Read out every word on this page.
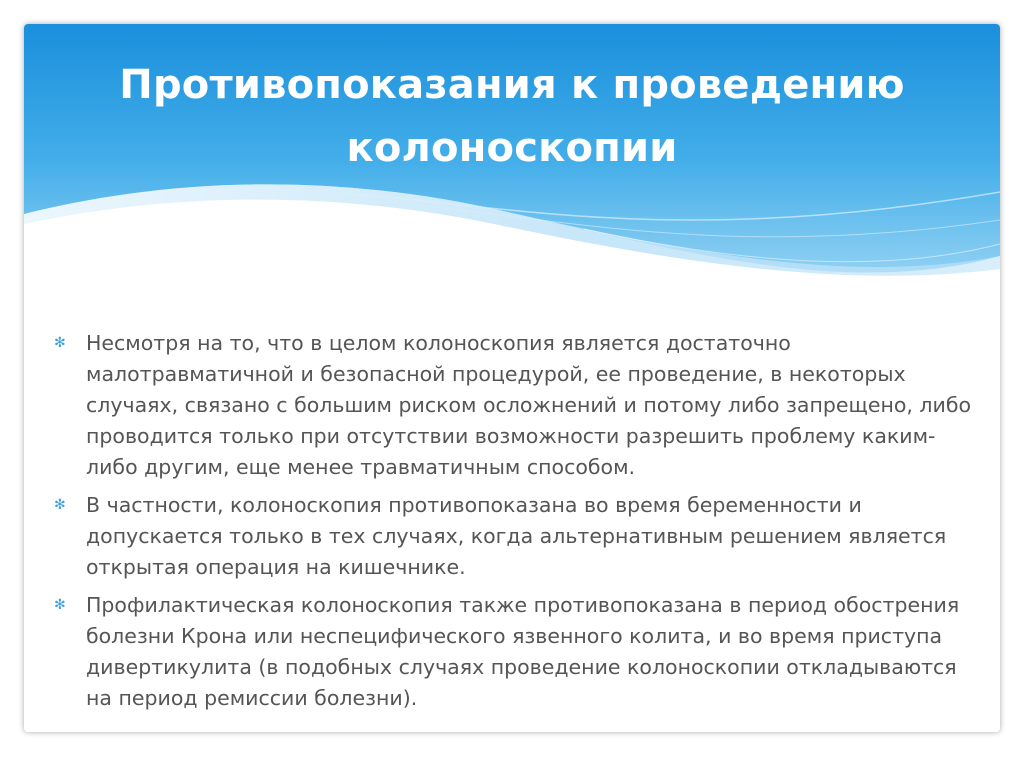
Противопоказания к проведению колоноскопии
✻ Несмотря на то, что в целом колоноскопия является достаточно малотравматичной и безопасной процедурой, ее проведение, в некоторых случаях, связано с большим риском осложнений и потому либо запрещено, либо проводится только при отсутствии возможности разрешить проблему каким-либо другим, еще менее травматичным способом.
✻ В частности, колоноскопия противопоказана во время беременности и допускается только в тех случаях, когда альтернативным решением является открытая операция на кишечнике.
✻ Профилактическая колоноскопия также противопоказана в период обострения болезни Крона или неспецифического язвенного колита, и во время приступа дивертикулита (в подобных случаях проведение колоноскопии откладываются на период ремиссии болезни).
